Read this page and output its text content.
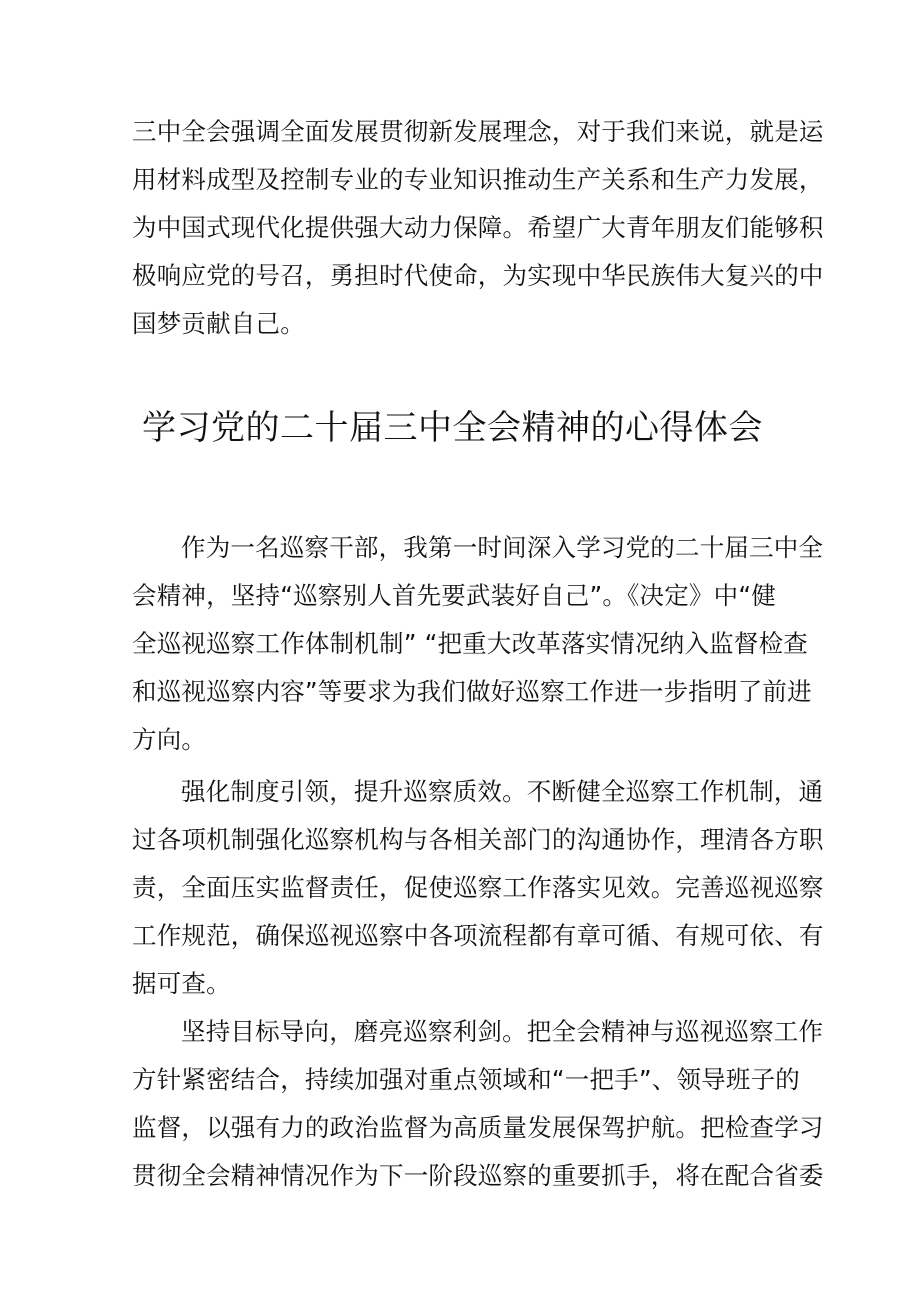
三中全会强调全面发展贯彻新发展理念，对于我们来说，就是运
用材料成型及控制专业的专业知识推动生产关系和生产力发展，
为中国式现代化提供强大动力保障。希望广大青年朋友们能够积
极响应党的号召，勇担时代使命，为实现中华民族伟大复兴的中
国梦贡献自己。
学习党的二十届三中全会精神的心得体会
作为一名巡察干部，我第一时间深入学习党的二十届三中全
会精神，坚持“巡察别人首先要武装好自己”。《决定》中“健
全巡视巡察工作体制机制” “把重大改革落实情况纳入监督检查
和巡视巡察内容”等要求为我们做好巡察工作进一步指明了前进
方向。
强化制度引领，提升巡察质效。不断健全巡察工作机制，通
过各项机制强化巡察机构与各相关部门的沟通协作，理清各方职
责，全面压实监督责任，促使巡察工作落实见效。完善巡视巡察
工作规范，确保巡视巡察中各项流程都有章可循、有规可依、有
据可查。
坚持目标导向，磨亮巡察利剑。把全会精神与巡视巡察工作
方针紧密结合，持续加强对重点领域和“一把手”、领导班子的
监督，以强有力的政治监督为高质量发展保驾护航。把检查学习
贯彻全会精神情况作为下一阶段巡察的重要抓手，将在配合省委
